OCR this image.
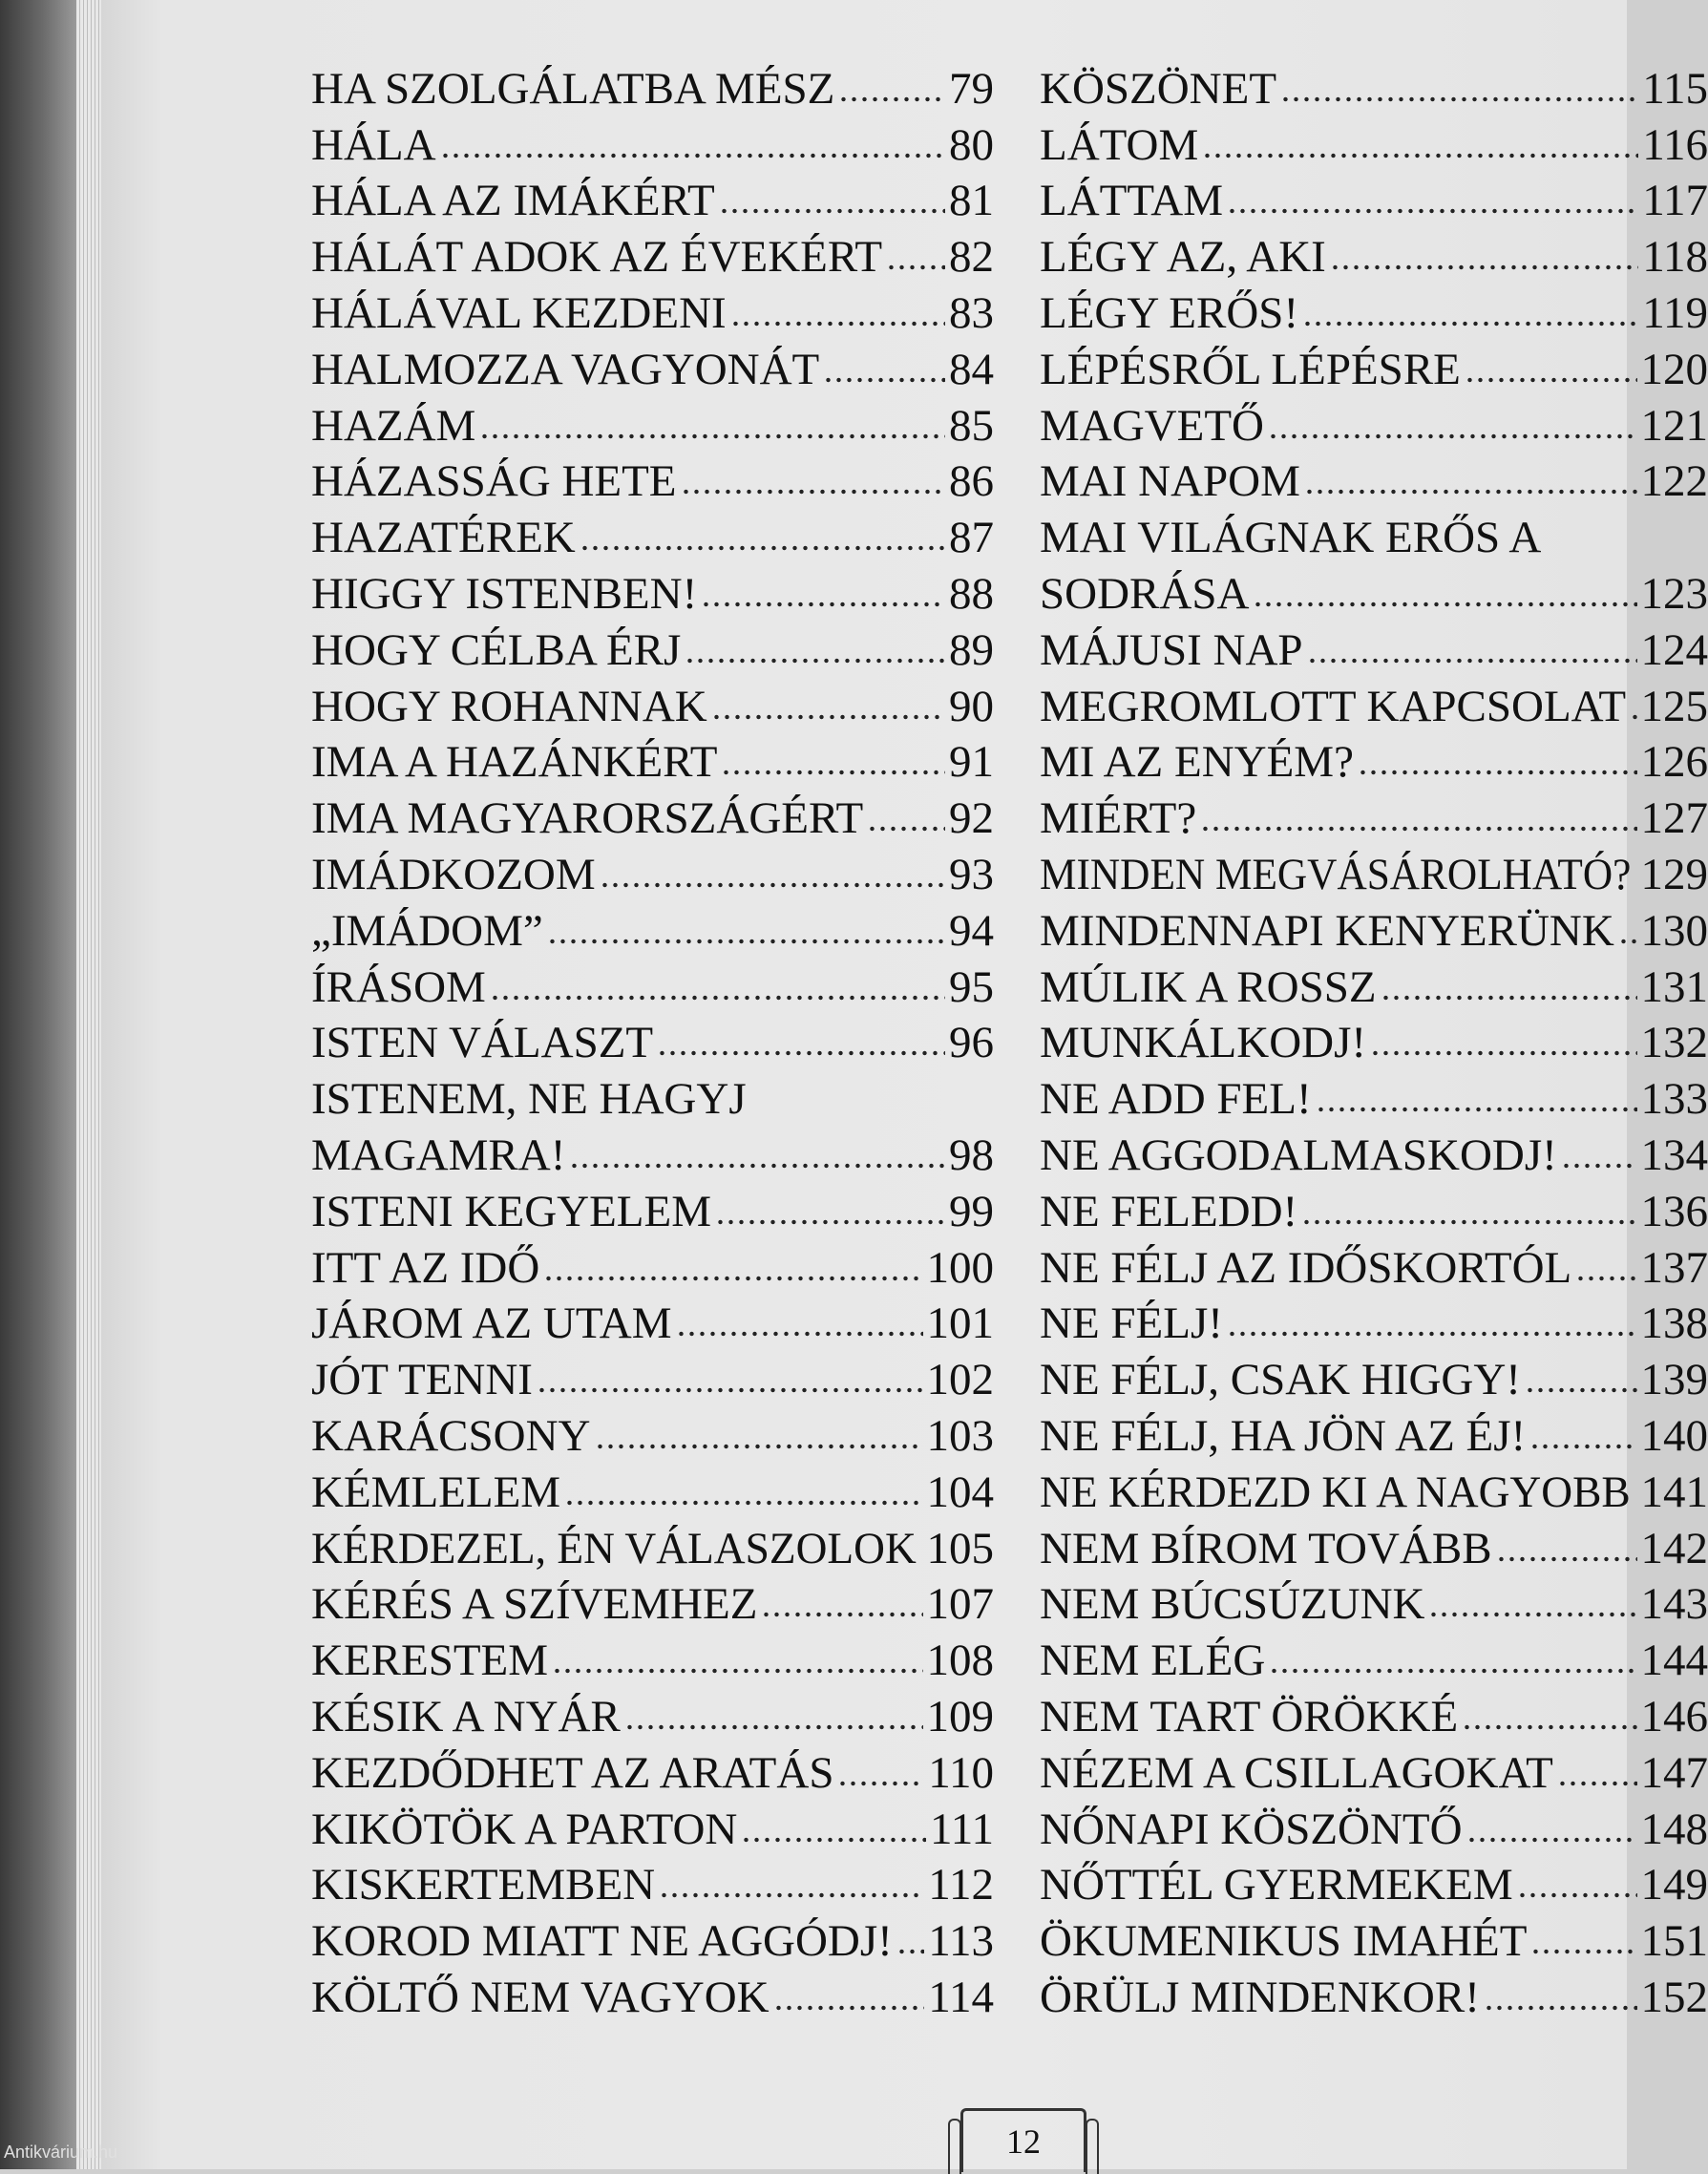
HA SZOLGÁLATBA MÉSZ	79
HÁLA	80
HÁLA AZ IMÁKÉRT	81
HÁLÁT ADOK AZ ÉVEKÉRT 82
HÁLÁVAL KEZDENI	83
HALMOZZA VAGYONÁT	84
HAZÁM	85
HÁZASSÁG HETE	86
HAZATÉREK	87
HIGGY ISTENBEN!	88
HOGY CÉLBA ÉRJ	89
HOGY ROHANNAK	90
IMA A HAZÁNKÉRT	91
IMA MAGYARORSZÁGÉRT 92
IMÁDKOZOM	93
„IMÁDOM”	94
ÍRÁSOM	95
ISTEN VÁLASZT	96
ISTENEM, NE HAGYJ
MAGAMRA!	98
ISTENI KEGYELEM	99
ITT AZ IDŐ	100
JÁROM AZ UTAM	101
JÓT TENNI	102
KARÁCSONY	103
KÉMLELEM	104
KÉRDEZEL, ÉN VÁLASZOLOK 105
KÉRÉS A SZÍVEMHEZ	107
KERESTEM	108
KÉSIK A NYÁR	109
KEZDŐDHET AZ ARATÁS 110
KIKÖTÖK A PARTON	111
KISKERTEMBEN	112
KOROD MIATT NE AGGÓDJ! 113
KÖLTŐ NEM VAGYOK	114
KÖSZÖNET	115
LÁTOM	116
LÁTTAM	117
LÉGY AZ, AKI	118
LÉGY ERŐS!	119
LÉPÉSRŐL LÉPÉSRE	120
MAGVETŐ	121
MAI NAPOM	122
MAI VILÁGNAK ERŐS A
SODRÁSA	123
MÁJUSI NAP	124
MEGROMLOTT KAPCSOLAT 125
MI AZ ENYÉM?	126
MIÉRT?	127
MINDEN MEGVÁSÁROLHATÓ? 129
MINDENNAPI KENYERÜNK 130
MÚLIK A ROSSZ	131
MUNKÁLKODJ!	132
NE ADD FEL!	133
NE AGGODALMASKODJ! 134
NE FELEDD!	136
NE FÉLJ AZ IDŐSKORTÓL 137
NE FÉLJ!	138
NE FÉLJ, CSAK HIGGY!	139
NE FÉLJ, HA JÖN AZ ÉJ!	140
NE KÉRDEZD KI A NAGYOBB 141
NEM BÍROM TOVÁBB	142
NEM BÚCSÚZUNK	143
NEM ELÉG	144
NEM TART ÖRÖKKÉ	146
NÉZEM A CSILLAGOKAT 147
NŐNAPI KÖSZÖNTŐ	148
NŐTTÉL GYERMEKEM	149
ÖKUMENIKUS IMAHÉT	151
ÖRÜLJ MINDENKOR!	152
12
Antikvárium.hu
